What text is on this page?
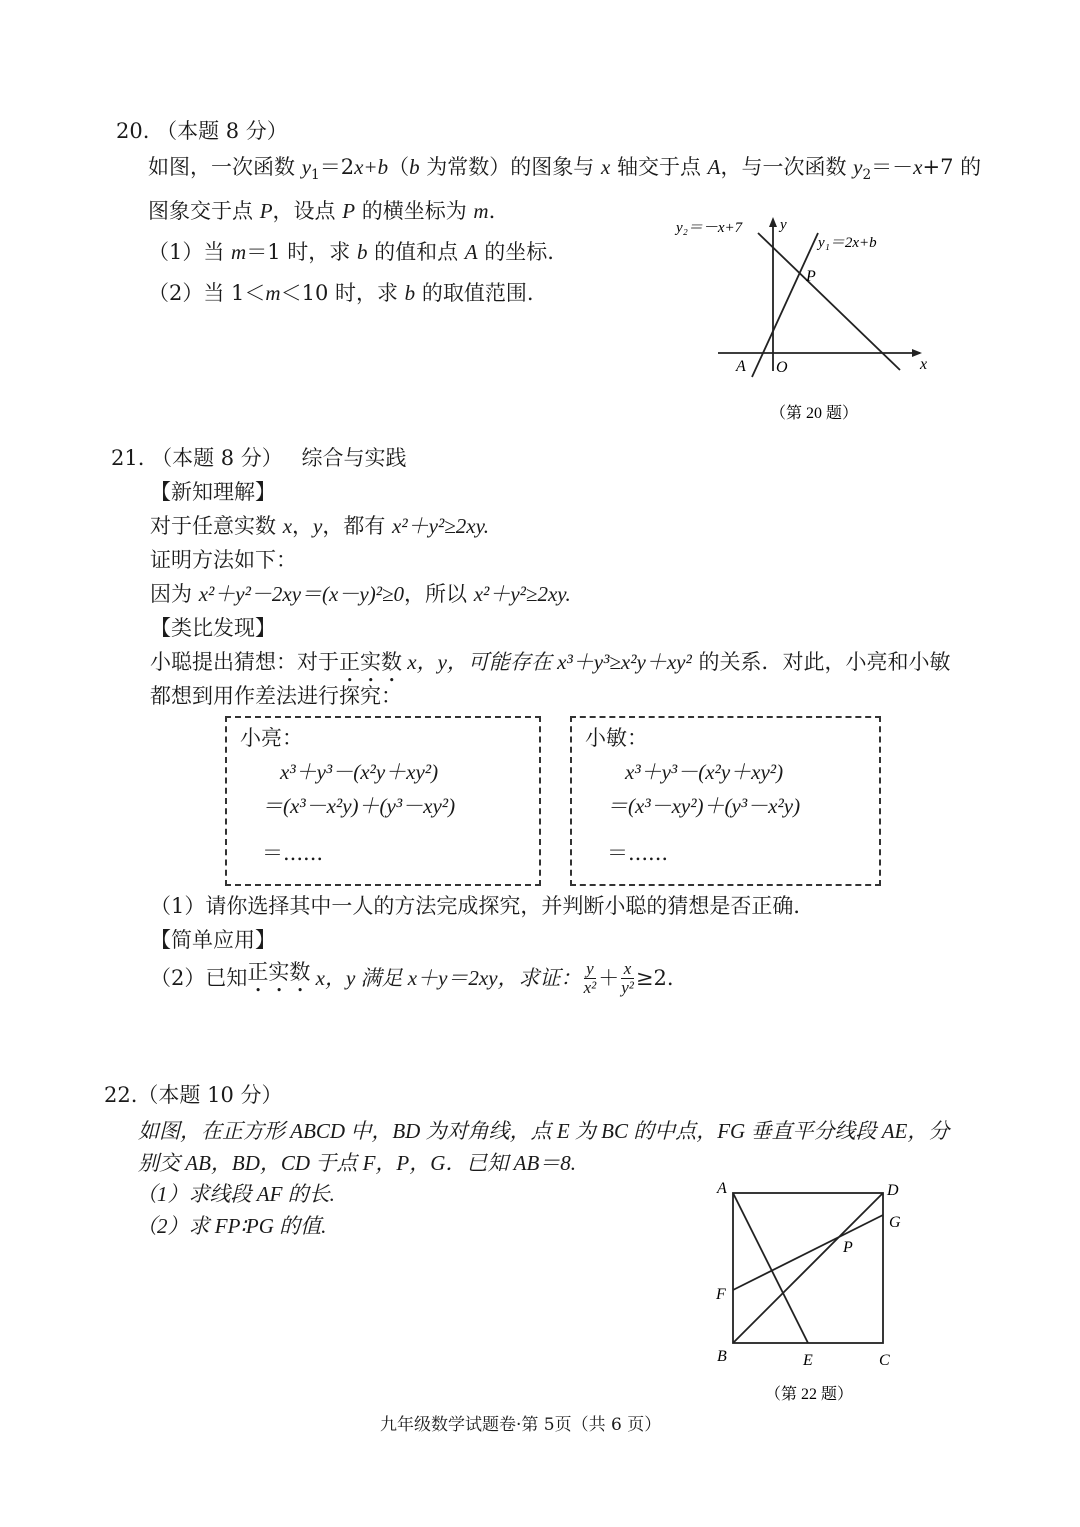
20. （本题 8 分）
如图，一次函数 $y_1=2x+b(b$ 为常数）的图象与 x 轴交于点 A，与一次函数 $y_2=-x+7$ 的
图象交于点 P，设点 P 的横坐标为 m.
（1）当 m＝1 时，求 b 的值和点 A 的坐标.
（2）当 1＜m＜10 时，求 b 的取值范围.
y₂＝－x+7	y
y₁＝2x+b
P
A O	x
（第 20 题）
21. （本题 8 分） 综合与实践
【新知理解】
对于任意实数 x，y，都有 x²＋y²≥2xy.
证明方法如下：
因为 x²＋y²－2xy＝(x－y)²≥0，所以 x²＋y²≥2xy.
【类比发现】
小聪提出猜想：对于正实数 x，y，可能存在 x³＋y³≥x²y＋xy² 的关系．对此，小亮和小敏
都想到用作差法进行探究：
小亮：
x³＋y³－(x²y＋xy²)
＝(x³－x²y)＋(y³－xy²)
＝......
小敏：
x³＋y³－(x²y＋xy²)
＝(x³－xy²)＋(y³－x²y)
＝......
（1）请你选择其中一人的方法完成探究，并判断小聪的猜想是否正确．
【简单应用】
（2）已知正实数 x，y 满足 x＋y＝2xy，求证： $\frac{y}{\text{x²}} + \frac{x}{\text{y²}} \ge 2$.
22.（本题 10 分）
如图，在正方形 ABCD 中，BD 为对角线，点 E 为 BC 的中点，FG 垂直平分线段 AE，分
别交 AB，BD，CD 于点 F，P，G．已知 AB＝8.
（1）求线段 AF 的长.
（2）求 FP∶PG 的值.
A	D
G
P
F
B	E	C
（第 22 题）
九年级数学试题卷·第 5页（共 6 页）
